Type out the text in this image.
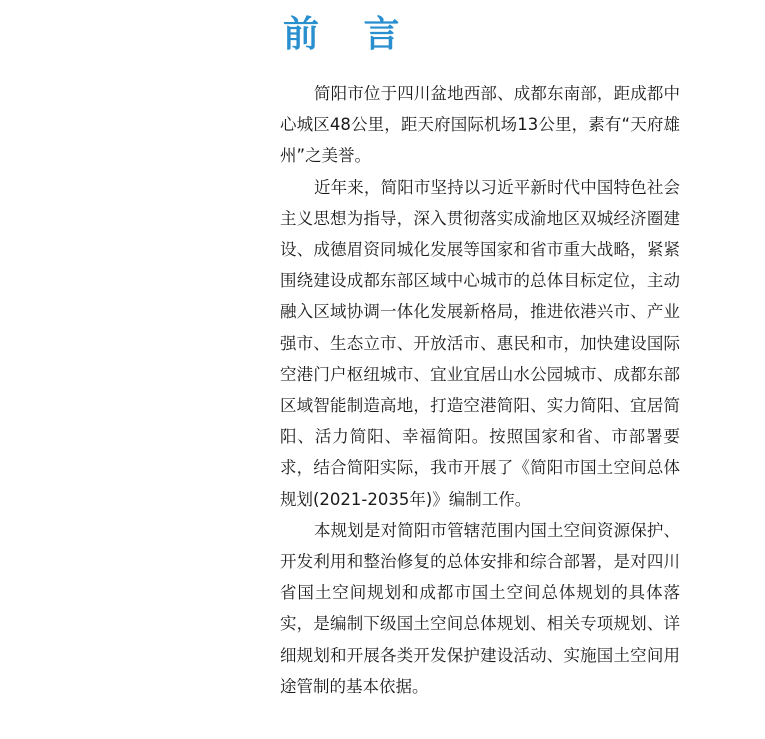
前 言

简阳市位于四川盆地西部、成都东南部，距成都中心城区48公里，距天府国际机场13公里，素有“天府雄州”之美誉。

近年来，简阳市坚持以习近平新时代中国特色社会主义思想为指导，深入贯彻落实成渝地区双城经济圈建设、成德眉资同城化发展等国家和省市重大战略，紧紧围绕建设成都东部区域中心城市的总体目标定位，主动融入区域协调一体化发展新格局，推进依港兴市、产业强市、生态立市、开放活市、惠民和市，加快建设国际空港门户枢纽城市、宜业宜居山水公园城市、成都东部区域智能制造高地，打造空港简阳、实力简阳、宜居简阳、活力简阳、幸福简阳。按照国家和省、市部署要求，结合简阳实际，我市开展了《简阳市国土空间总体规划(2021-2035年)》编制工作。

本规划是对简阳市管辖范围内国土空间资源保护、开发利用和整治修复的总体安排和综合部署，是对四川省国土空间规划和成都市国土空间总体规划的具体落实，是编制下级国土空间总体规划、相关专项规划、详细规划和开展各类开发保护建设活动、实施国土空间用途管制的基本依据。
